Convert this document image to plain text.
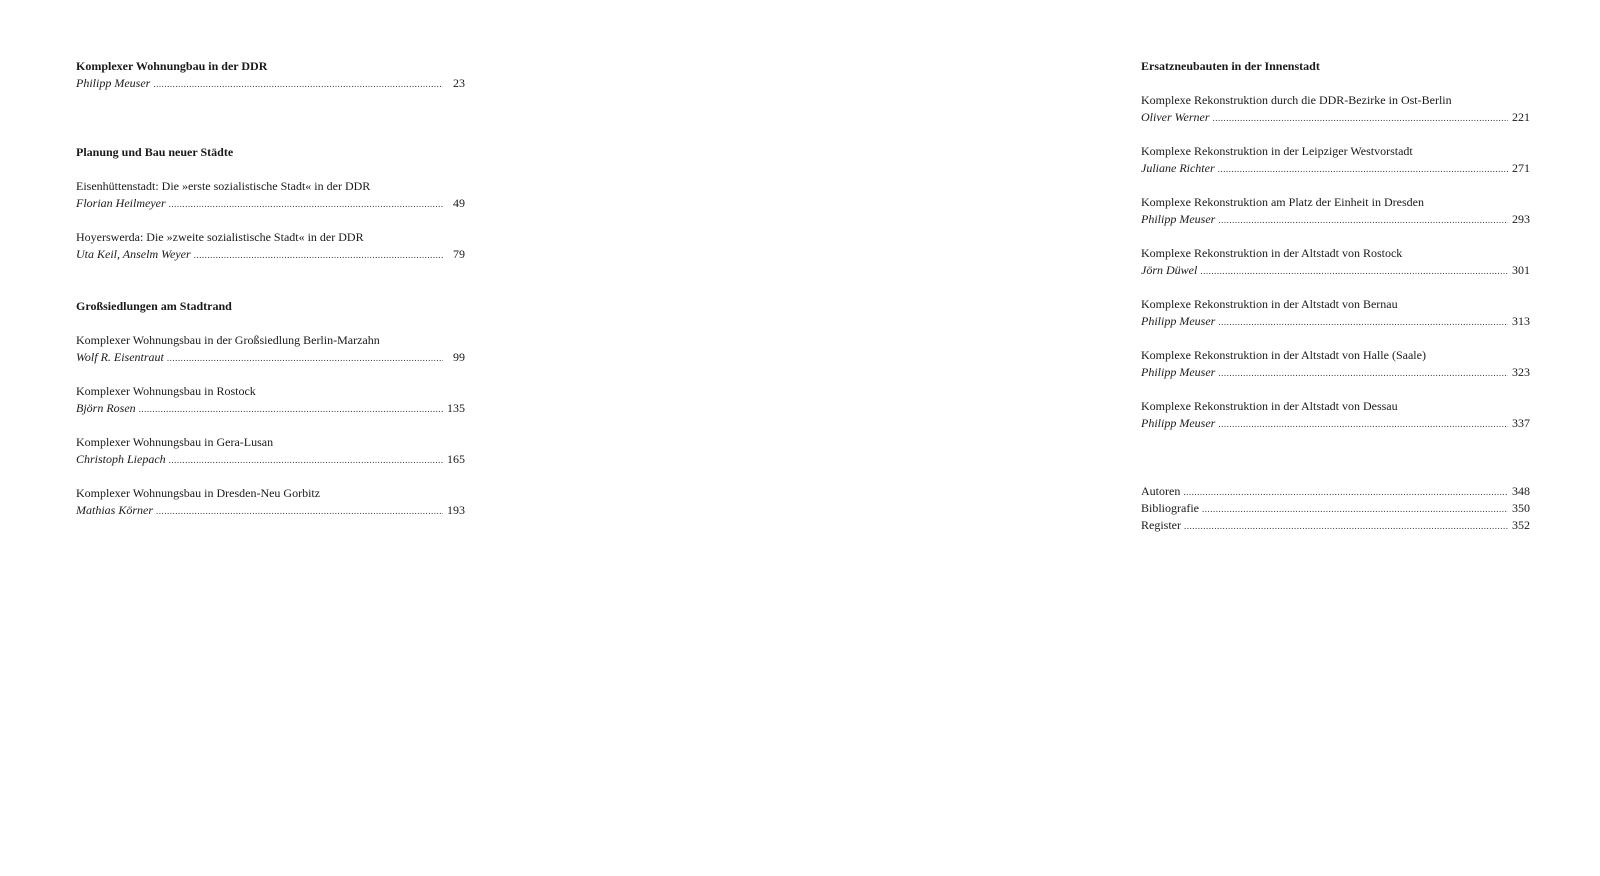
Komplexer Wohnungbau in der DDR
Philipp Meuser .....	23
Planung und Bau neuer Städte
Eisenhüttenstadt: Die »erste sozialistische Stadt« in der DDR
Florian Heilmeyer .....	49
Hoyerswerda: Die »zweite sozialistische Stadt« in der DDR
Uta Keil, Anselm Weyer .....	79
Großsiedlungen am Stadtrand
Komplexer Wohnungsbau in der Großsiedlung Berlin-Marzahn
Wolf R. Eisentraut .....	99
Komplexer Wohnungsbau in Rostock
Björn Rosen .....	135
Komplexer Wohnungsbau in Gera-Lusan
Christoph Liepach .....	165
Komplexer Wohnungsbau in Dresden-Neu Gorbitz
Mathias Körner .....	193
Ersatzneubauten in der Innenstadt
Komplexe Rekonstruktion durch die DDR-Bezirke in Ost-Berlin
Oliver Werner .....	221
Komplexe Rekonstruktion in der Leipziger Westvorstadt
Juliane Richter .....	271
Komplexe Rekonstruktion am Platz der Einheit in Dresden
Philipp Meuser .....	293
Komplexe Rekonstruktion in der Altstadt von Rostock
Jörn Düwel .....	301
Komplexe Rekonstruktion in der Altstadt von Bernau
Philipp Meuser .....	313
Komplexe Rekonstruktion in der Altstadt von Halle (Saale)
Philipp Meuser .....	323
Komplexe Rekonstruktion in der Altstadt von Dessau
Philipp Meuser .....	337
Autoren .....	348
Bibliografie .....	350
Register .....	352
